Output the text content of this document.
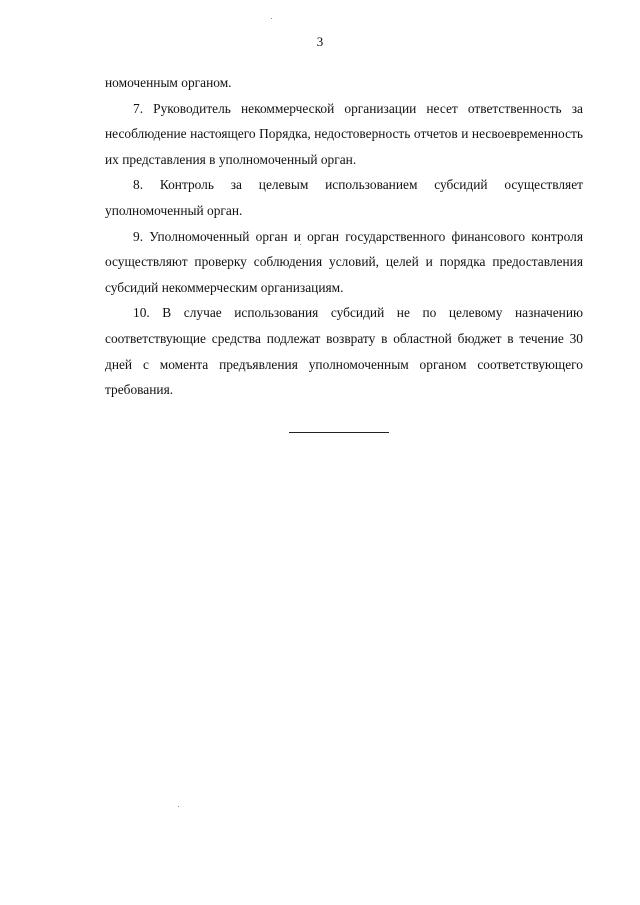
3

номоченным органом.

7. Руководитель некоммерческой организации несет ответственность за несоблюдение настоящего Порядка, недостоверность отчетов и несвоевременность их представления в уполномоченный орган.

8. Контроль за целевым использованием субсидий осуществляет уполномоченный орган.

9. Уполномоченный орган и орган государственного финансового контроля осуществляют проверку соблюдения условий, целей и порядка предоставления субсидий некоммерческим организациям.

10. В случае использования субсидий не по целевому назначению соответствующие средства подлежат возврату в областной бюджет в течение 30 дней с момента предъявления уполномоченным органом соответствующего требования.
